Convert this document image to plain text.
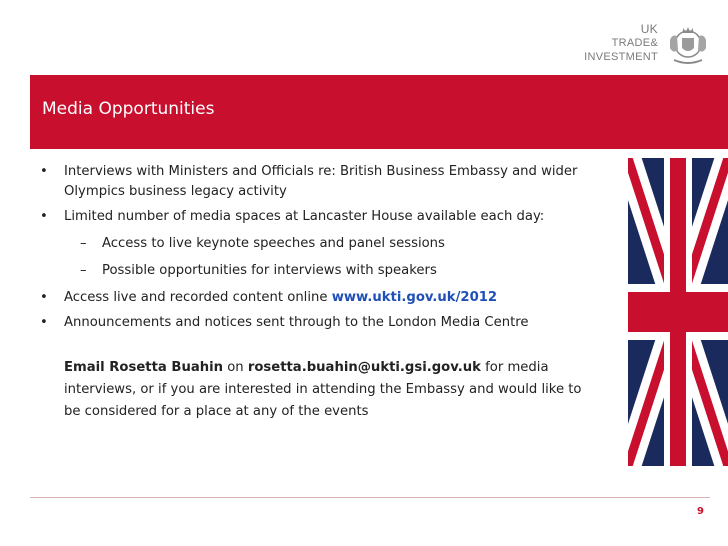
UK
TRADE&
INVESTMENT
Media Opportunities
• Interviews with Ministers and Officials re: British Business Embassy and wider Olympics business legacy activity
• Limited number of media spaces at Lancaster House available each day:
– Access to live keynote speeches and panel sessions
– Possible opportunities for interviews with speakers
• Access live and recorded content online www.ukti.gov.uk/2012
• Announcements and notices sent through to the London Media Centre
Email Rosetta Buahin on rosetta.buahin@ukti.gsi.gov.uk for media interviews, or if you are interested in attending the Embassy and would like to be considered for a place at any of the events
9
